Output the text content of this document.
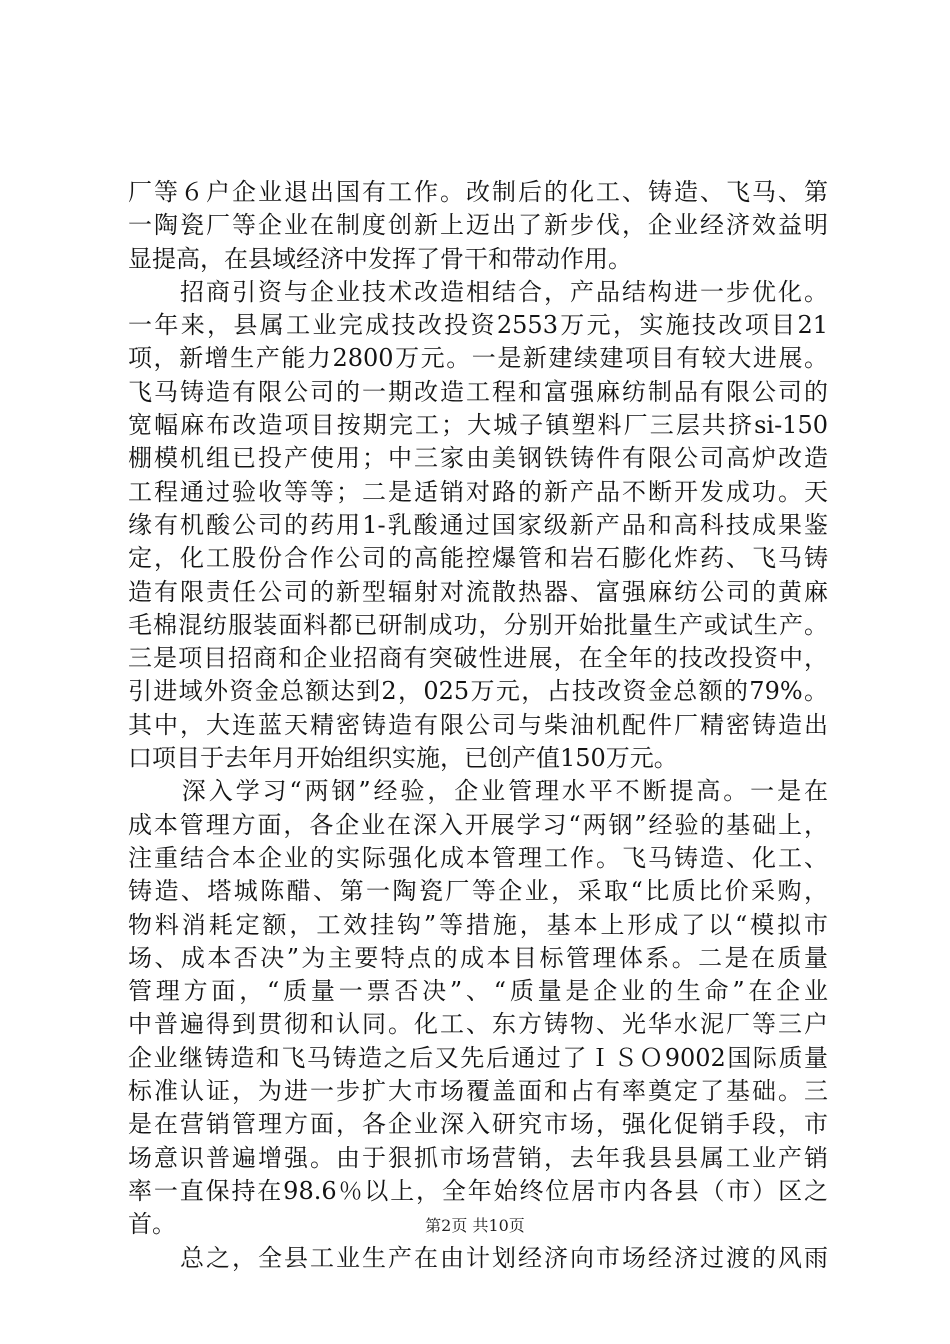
厂等６户企业退出国有工作。改制后的化工、铸造、飞马、第
一陶瓷厂等企业在制度创新上迈出了新步伐，企业经济效益明
显提高，在县域经济中发挥了骨干和带动作用。
　　招商引资与企业技术改造相结合，产品结构进一步优化。
一年来，县属工业完成技改投资2553万元，实施技改项目21
项，新增生产能力2800万元。一是新建续建项目有较大进展。
飞马铸造有限公司的一期改造工程和富强麻纺制品有限公司的
宽幅麻布改造项目按期完工；大城子镇塑料厂三层共挤si-150
棚模机组已投产使用；中三家由美钢铁铸件有限公司高炉改造
工程通过验收等等；二是适销对路的新产品不断开发成功。天
缘有机酸公司的药用1-乳酸通过国家级新产品和高科技成果鉴
定，化工股份合作公司的高能控爆管和岩石膨化炸药、飞马铸
造有限责任公司的新型辐射对流散热器、富强麻纺公司的黄麻
毛棉混纺服装面料都已研制成功，分别开始批量生产或试生产。
三是项目招商和企业招商有突破性进展，在全年的技改投资中，
引进域外资金总额达到2，025万元，占技改资金总额的79%。
其中，大连蓝天精密铸造有限公司与柴油机配件厂精密铸造出
口项目于去年月开始组织实施，已创产值150万元。
　　深入学习“两钢”经验，企业管理水平不断提高。一是在
成本管理方面，各企业在深入开展学习“两钢”经验的基础上，
注重结合本企业的实际强化成本管理工作。飞马铸造、化工、
铸造、塔城陈醋、第一陶瓷厂等企业，采取“比质比价采购，
物料消耗定额，工效挂钩”等措施，基本上形成了以“模拟市
场、成本否决”为主要特点的成本目标管理体系。二是在质量
管理方面，“质量一票否决”、“质量是企业的生命”在企业
中普遍得到贯彻和认同。化工、东方铸物、光华水泥厂等三户
企业继铸造和飞马铸造之后又先后通过了ＩＳＯ9002国际质量
标准认证，为进一步扩大市场覆盖面和占有率奠定了基础。三
是在营销管理方面，各企业深入研究市场，强化促销手段，市
场意识普遍增强。由于狠抓市场营销，去年我县县属工业产销
率一直保持在98.6％以上，全年始终位居市内各县（市）区之
首。
　　总之，全县工业生产在由计划经济向市场经济过渡的风雨
第2页 共10页
